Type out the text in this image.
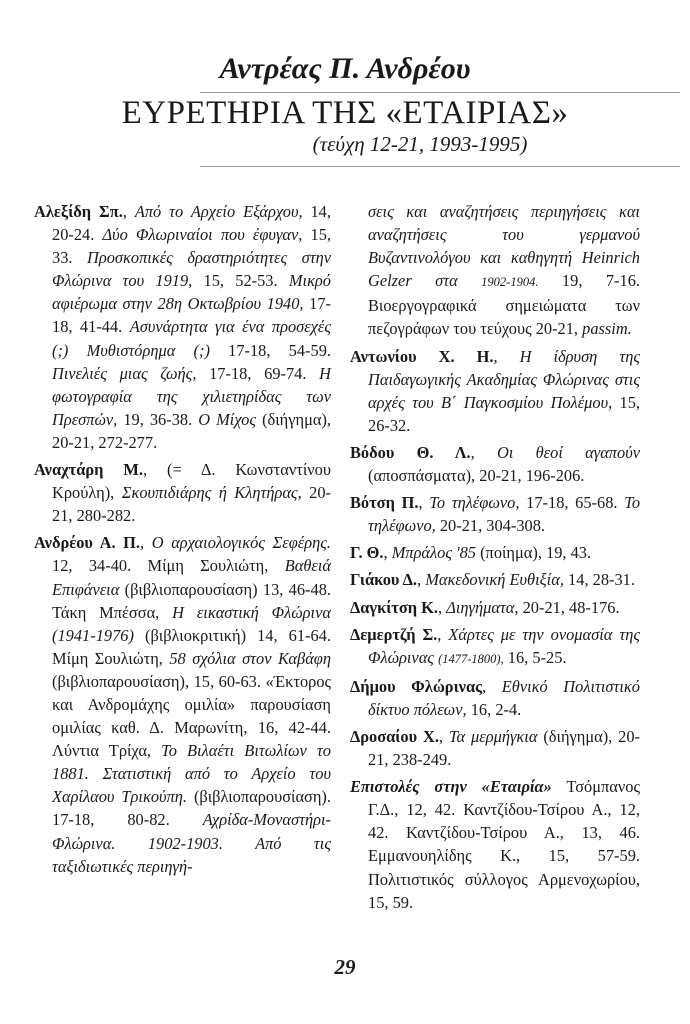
Αντρέας Π. Ανδρέου
ΕΥΡΕΤΗΡΙΑ ΤΗΣ «ΕΤΑΙΡΙΑΣ»
(τεύχη 12-21, 1993-1995)

Αλεξίδη Σπ., Από το Αρχείο Εξάρχου, 14, 20-24. Δύο Φλωριναίοι που έφυγαν, 15, 33. Προσκοπικές δραστηριότητες στην Φλώρινα του 1919, 15, 52-53. Μικρό αφιέρωμα στην 28η Οκτωβρίου 1940, 17-18, 41-44. Ασυνάρτητα για ένα προσεχές (;) Μυθιστόρημα (;) 17-18, 54-59. Πινελιές μιας ζωής, 17-18, 69-74. Η φωτογραφία της χιλιετηρίδας των Πρεσπών, 19, 36-38. Ο Μίχος (διήγημα), 20-21, 272-277.

Αναχτάρη Μ., (= Δ. Κωνσταντίνου Κρούλη), Σκουπιδιάρης ή Κλητήρας, 20-21, 280-282.

Ανδρέου Α. Π., Ο αρχαιολογικός Σεφέρης. 12, 34-40. Μίμη Σουλιώτη, Βαθειά Επιφάνεια (βιβλιοπαρουσίαση) 13, 46-48. Τάκη Μπέσσα, Η εικαστική Φλώρινα (1941-1976) (βιβλιοκριτική) 14, 61-64. Μίμη Σουλιώτη, 58 σχόλια στον Καβάφη (βιβλιοπαρουσίαση), 15, 60-63. «Έκτορος και Ανδρομάχης ομιλία» παρουσίαση ομιλίας καθ. Δ. Μαρωνίτη, 16, 42-44. Λύντια Τρίχα, Το Βιλαέτι Βιτωλίων το 1881. Στατιστική από το Αρχείο του Χαρίλαου Τρικούπη. (βιβλιοπαρουσίαση). 17-18, 80-82. Αχρίδα-Μοναστήρι-Φλώρινα. 1902-1903. Από τις ταξιδιωτικές περιηγή-

σεις και αναζητήσεις περιηγήσεις και αναζητήσεις του γερμανού Βυζαντινολόγου και καθηγητή Heinrich Gelzer στα 1902-1904. 19, 7-16. Βιοεργογραφικά σημειώματα των πεζογράφων του τεύχους 20-21, passim.

Αντωνίου Χ. Η., Η ίδρυση της Παιδαγωγικής Ακαδημίας Φλώρινας στις αρχές του Β΄ Παγκοσμίου Πολέμου, 15, 26-32.

Βόδου Θ. Λ., Οι θεοί αγαπούν (αποσπάσματα), 20-21, 196-206.

Βότση Π., Το τηλέφωνο, 17-18, 65-68. Το τηλέφωνο, 20-21, 304-308.

Γ. Θ., Μπράλος '85 (ποίημα), 19, 43.

Γιάκου Δ., Μακεδονική Ευθιξία, 14, 28-31.

Δαγκίτση Κ., Διηγήματα, 20-21, 48-176.

Δεμερτζή Σ., Χάρτες με την ονομασία της Φλώρινας (1477-1800), 16, 5-25.

Δήμου Φλώρινας, Εθνικό Πολιτιστικό δίκτυο πόλεων, 16, 2-4.

Δροσαίου Χ., Τα μερμήγκια (διήγημα), 20-21, 238-249.

Επιστολές στην «Εταιρία» Τσόμπανος Γ.Δ., 12, 42. Καντζίδου-Τσίρου Α., 12, 42. Καντζίδου-Τσίρου Α., 13, 46. Εμμανουηλίδης Κ., 15, 57-59. Πολιτιστικός σύλλογος Αρμενοχωρίου, 15, 59.

29
